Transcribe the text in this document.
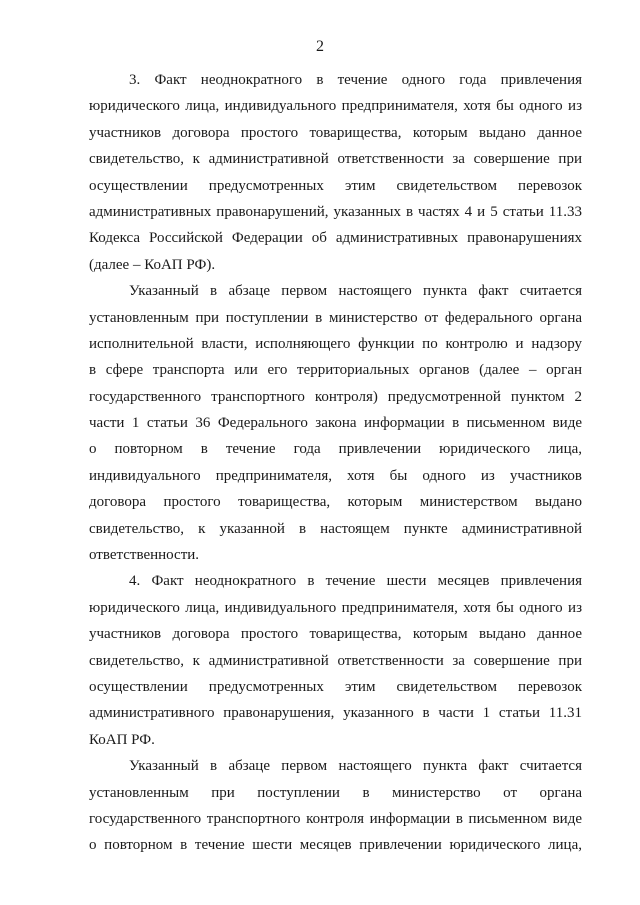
2
3. Факт неоднократного в течение одного года привлечения
юридического лица, индивидуального предпринимателя, хотя бы одного из
участников договора простого товарищества, которым выдано данное
свидетельство, к административной ответственности за совершение при
осуществлении предусмотренных этим свидетельством перевозок
административных правонарушений, указанных в частях 4 и 5 статьи 11.33
Кодекса Российской Федерации об административных правонарушениях
(далее – КоАП РФ).
Указанный в абзаце первом настоящего пункта факт считается
установленным при поступлении в министерство от федерального органа
исполнительной власти, исполняющего функции по контролю и надзору
в сфере транспорта или его территориальных органов (далее – орган
государственного транспортного контроля) предусмотренной пунктом 2
части 1 статьи 36 Федерального закона информации в письменном виде
о повторном в течение года привлечении юридического лица,
индивидуального предпринимателя, хотя бы одного из участников
договора простого товарищества, которым министерством выдано
свидетельство, к указанной в настоящем пункте административной
ответственности.
4. Факт неоднократного в течение шести месяцев привлечения
юридического лица, индивидуального предпринимателя, хотя бы одного из
участников договора простого товарищества, которым выдано данное
свидетельство, к административной ответственности за совершение при
осуществлении предусмотренных этим свидетельством перевозок
административного правонарушения, указанного в части 1 статьи 11.31
КоАП РФ.
Указанный в абзаце первом настоящего пункта факт считается
установленным при поступлении в министерство от органа
государственного транспортного контроля информации в письменном виде
о повторном в течение шести месяцев привлечении юридического лица,
